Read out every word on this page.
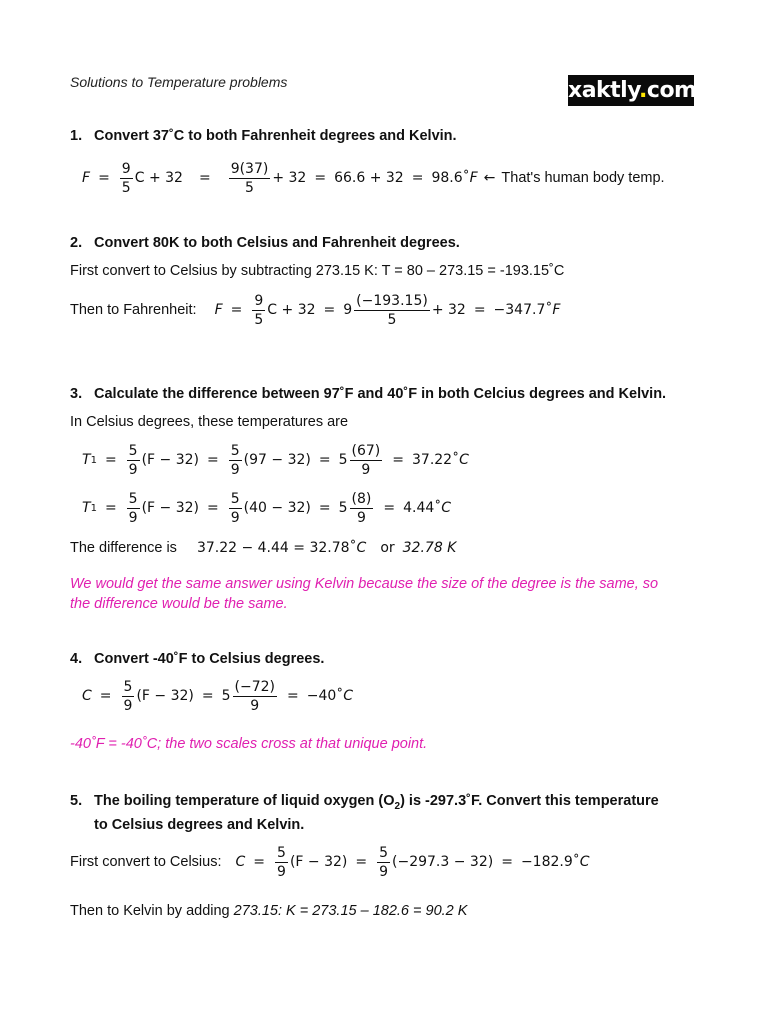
Solutions to Temperature problems	xaktly.com
1. Convert 37˚C to both Fahrenheit degrees and Kelvin.
$F = \frac{9}{5}$ $C + 32 = \frac{9(37)}{5} + 32 = 66.6 + 32$ = 98.6˚ F ← That's human body temp.
2. Convert 80K to both Celsius and Fahrenheit degrees.
First convert to Celsius by subtracting 273.15 K: T = 80 – 273.15 = -193.15˚C
Then to Fahrenheit: $F = \frac{9}{5}$ $C + 32 = 9 \frac{(-193.15)}{5} + 32$ = −347.7˚ F
3. Calculate the difference between 97˚F and 40˚F in both Celcius degrees and Kelvin.
In Celsius degrees, these temperatures are
T $1 = \frac{5}{9} (F - 32) = \frac{5}{9} (97 - 32) = 5 \frac{(67)}{9}$ = 37.22˚ C
T $1 = \frac{5}{9} (F - 32) = \frac{5}{9} (40 - 32) = 5 \frac{(8)}{9}$ = 4.44˚ C
The difference is 37.22 − 4.44 = 32.78˚ C or 32.78 K
We would get the same answer using Kelvin because the size of the degree is the same, so
the difference would be the same.
4. Convert -40˚F to Celsius degrees.
$C = \frac{5}{9} (F - 32) = 5 \frac{(-72)}{9}$ = −40˚ C
-40˚F = -40˚C; the two scales cross at that unique point.
5. The boiling temperature of liquid oxygen $(O_2)$ is -297.3˚F. Convert this temperature
to Celsius degrees and Kelvin.
First convert to Celsius: $C = \frac{5}{9} (F - 32) = \frac{5}{9} (-297.3 - 32)$ = −182.9˚ C
Then to Kelvin by adding 273.15: K = 273.15 – 182.6 = 90.2 K
